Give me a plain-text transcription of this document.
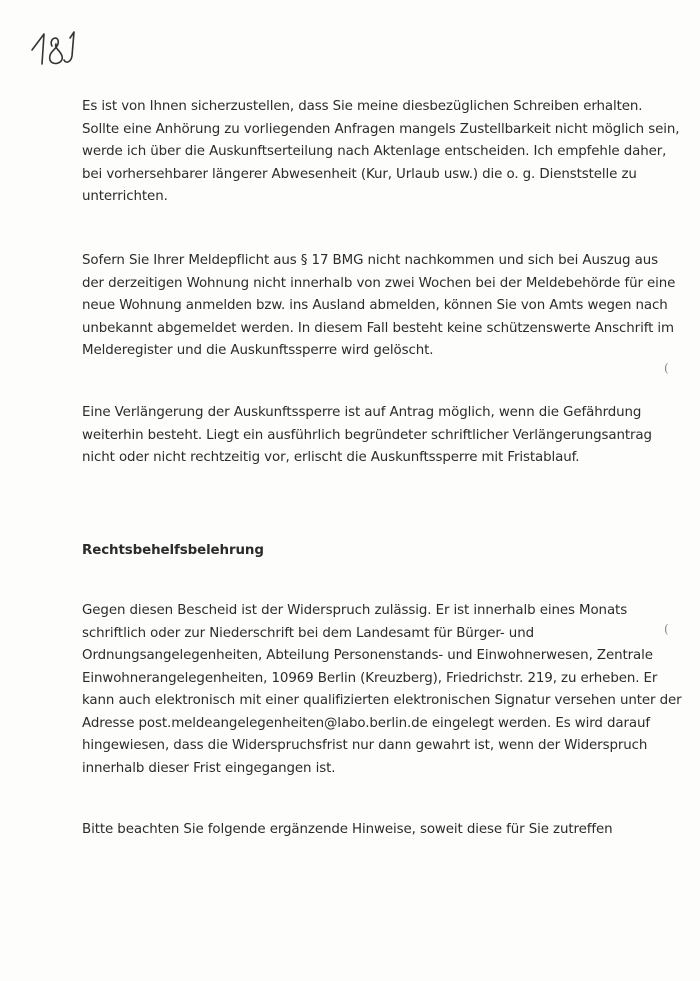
Es ist von Ihnen sicherzustellen, dass Sie meine diesbezüglichen Schreiben erhalten.
Sollte eine Anhörung zu vorliegenden Anfragen mangels Zustellbarkeit nicht möglich sein,
werde ich über die Auskunftserteilung nach Aktenlage entscheiden. Ich empfehle daher,
bei vorhersehbarer längerer Abwesenheit (Kur, Urlaub usw.) die o. g. Dienststelle zu
unterrichten.

Sofern Sie Ihrer Meldepflicht aus § 17 BMG nicht nachkommen und sich bei Auszug aus
der derzeitigen Wohnung nicht innerhalb von zwei Wochen bei der Meldebehörde für eine
neue Wohnung anmelden bzw. ins Ausland abmelden, können Sie von Amts wegen nach
unbekannt abgemeldet werden. In diesem Fall besteht keine schützenswerte Anschrift im
Melderegister und die Auskunftssperre wird gelöscht.

Eine Verlängerung der Auskunftssperre ist auf Antrag möglich, wenn die Gefährdung
weiterhin besteht. Liegt ein ausführlich begründeter schriftlicher Verlängerungsantrag
nicht oder nicht rechtzeitig vor, erlischt die Auskunftssperre mit Fristablauf.

Rechtsbehelfsbelehrung

Gegen diesen Bescheid ist der Widerspruch zulässig. Er ist innerhalb eines Monats
schriftlich oder zur Niederschrift bei dem Landesamt für Bürger- und
Ordnungsangelegenheiten, Abteilung Personenstands- und Einwohnerwesen, Zentrale
Einwohnerangelegenheiten, 10969 Berlin (Kreuzberg), Friedrichstr. 219, zu erheben. Er
kann auch elektronisch mit einer qualifizierten elektronischen Signatur versehen unter der
Adresse post.meldeangelegenheiten@labo.berlin.de eingelegt werden. Es wird darauf
hingewiesen, dass die Widerspruchsfrist nur dann gewahrt ist, wenn der Widerspruch
innerhalb dieser Frist eingegangen ist.

Bitte beachten Sie folgende ergänzende Hinweise, soweit diese für Sie zutreffen

(
(
